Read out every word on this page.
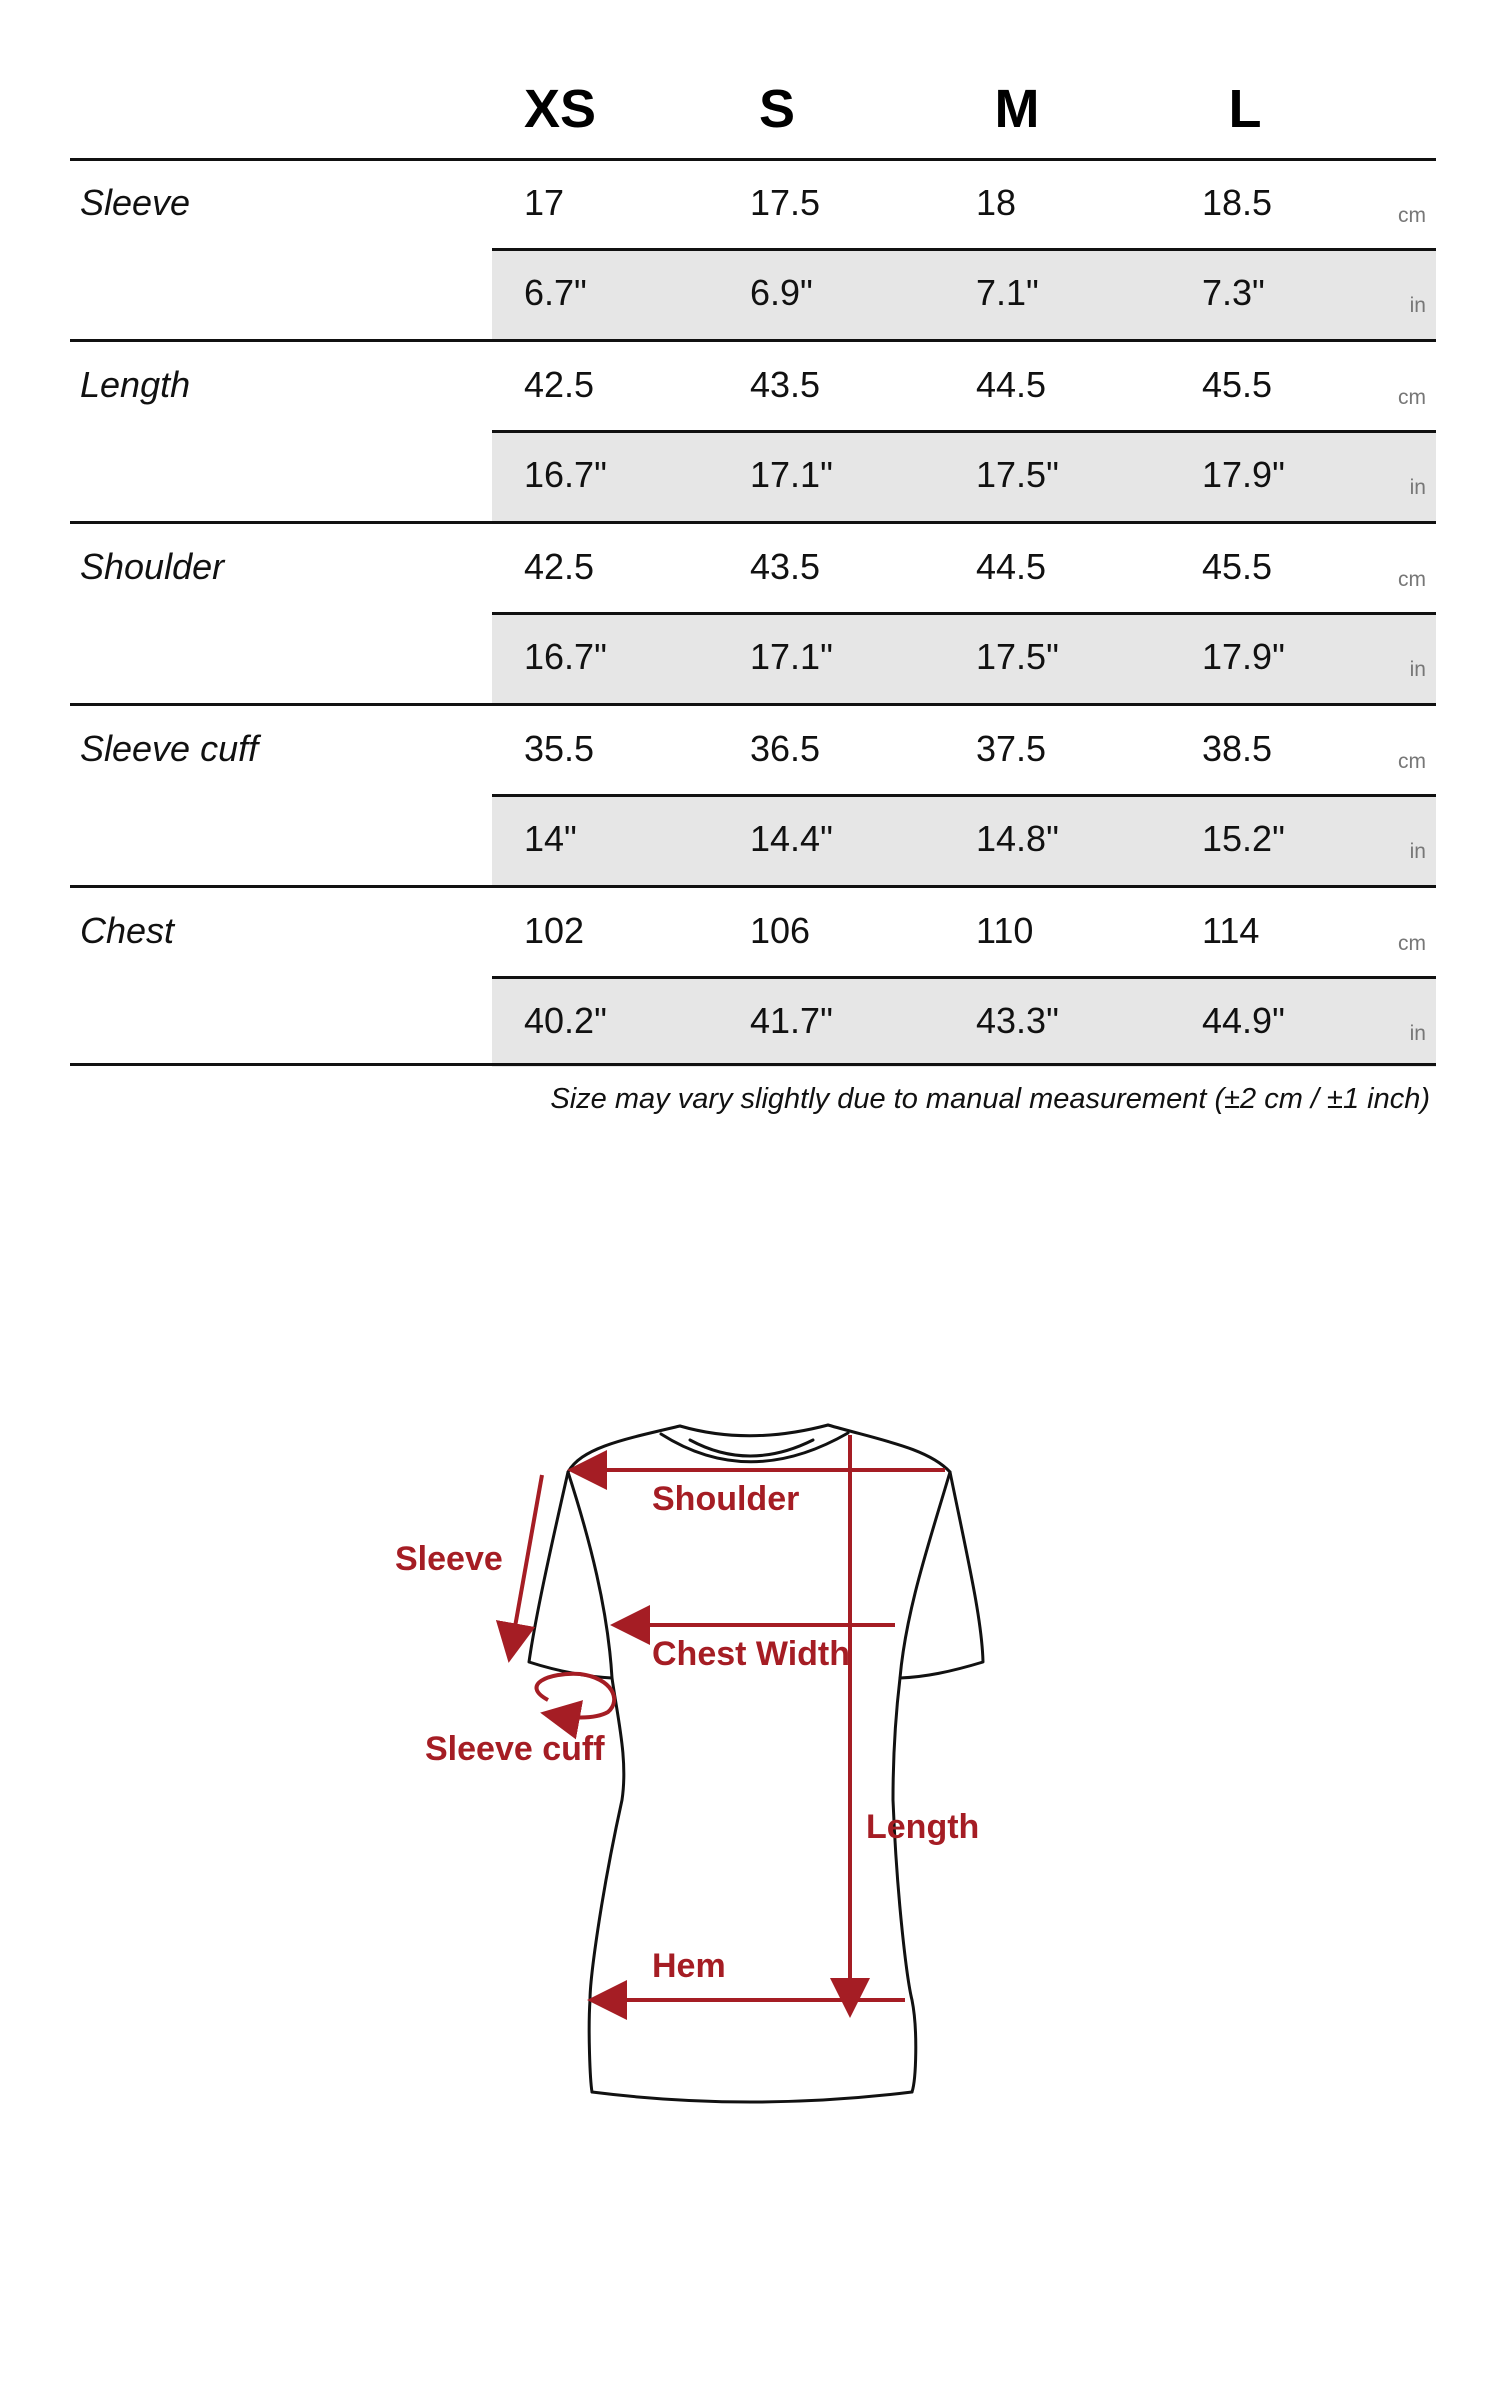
XS	S	M	L
Sleeve	17	17.5	18	18.5	cm
6.7"	6.9"	7.1"	7.3"	in
Length	42.5	43.5	44.5	45.5	cm
16.7"	17.1"	17.5"	17.9"	in
Shoulder	42.5	43.5	44.5	45.5	cm
16.7"	17.1"	17.5"	17.9"	in
Sleeve cuff	35.5	36.5	37.5	38.5	cm
14"	14.4"	14.8"	15.2"	in
Chest	102	106	110	114	cm
40.2"	41.7"	43.3"	44.9"	in
Size may vary slightly due to manual measurement (±2 cm / ±1 inch)
Shoulder
Sleeve
Chest Width
Sleeve cuff
Length
Hem
